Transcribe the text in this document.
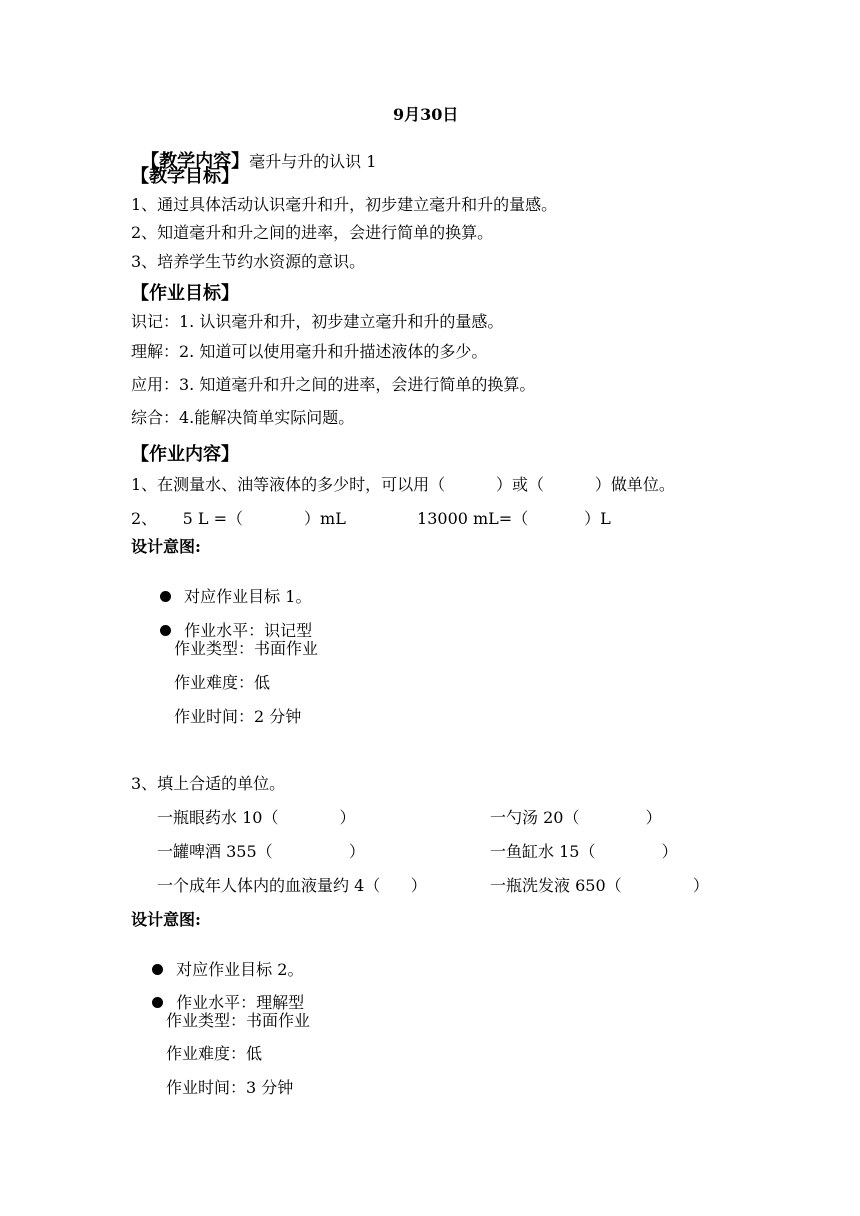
9月30日

【教学内容】毫升与升的认识 1

【教学目标】
1、通过具体活动认识毫升和升，初步建立毫升和升的量感。
2、知道毫升和升之间的进率，会进行简单的换算。
3、培养学生节约水资源的意识。
【作业目标】
识记：1. 认识毫升和升，初步建立毫升和升的量感。
理解：2. 知道可以使用毫升和升描述液体的多少。
应用：3. 知道毫升和升之间的进率，会进行简单的换算。
综合：4.能解决简单实际问题。
【作业内容】
1、在测量水、油等液体的多少时，可以用（          ）或（          ）做单位。
2、     5 L =（            ）mL              13000 mL=（           ）L
设计意图:

对应作业目标 1。

作业水平：识记型

作业类型：书面作业
作业难度：低
作业时间：2 分钟
3、填上合适的单位。
一瓶眼药水 10（            ）	一勺汤 20（             ）
一罐啤酒 355（               ）	一鱼缸水 15（             ）
一个成年人体内的血液量约 4（      ）	一瓶洗发液 650（              ）
设计意图:

对应作业目标 2。

作业水平：理解型

作业类型：书面作业
作业难度：低
作业时间：3 分钟
